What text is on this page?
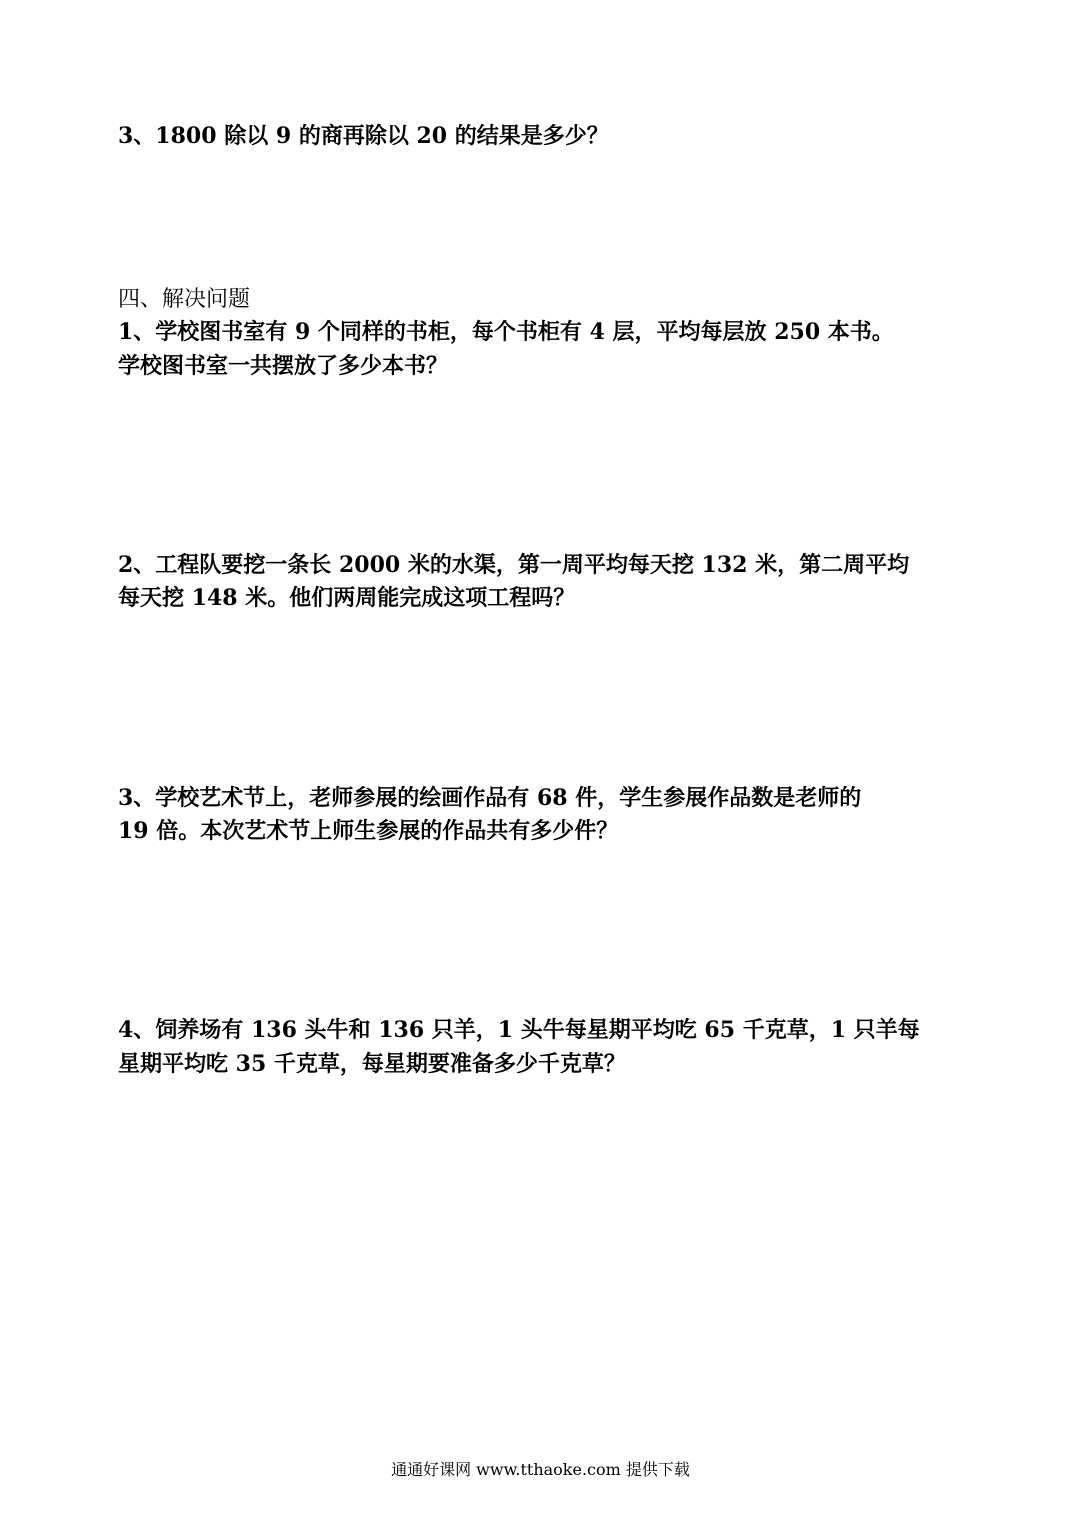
3、1800 除以 9 的商再除以 20 的结果是多少？

四、解决问题

1、学校图书室有 9 个同样的书柜，每个书柜有 4 层，平均每层放 250 本书。

学校图书室一共摆放了多少本书？

2、工程队要挖一条长 2000 米的水渠，第一周平均每天挖 132 米，第二周平均

每天挖 148 米。他们两周能完成这项工程吗？

3、学校艺术节上，老师参展的绘画作品有 68 件，学生参展作品数是老师的

19 倍。本次艺术节上师生参展的作品共有多少件？

4、饲养场有 136 头牛和 136 只羊，1 头牛每星期平均吃 65 千克草，1 只羊每

星期平均吃 35 千克草，每星期要准备多少千克草？

通通好课网 www.tthaoke.com 提供下载
